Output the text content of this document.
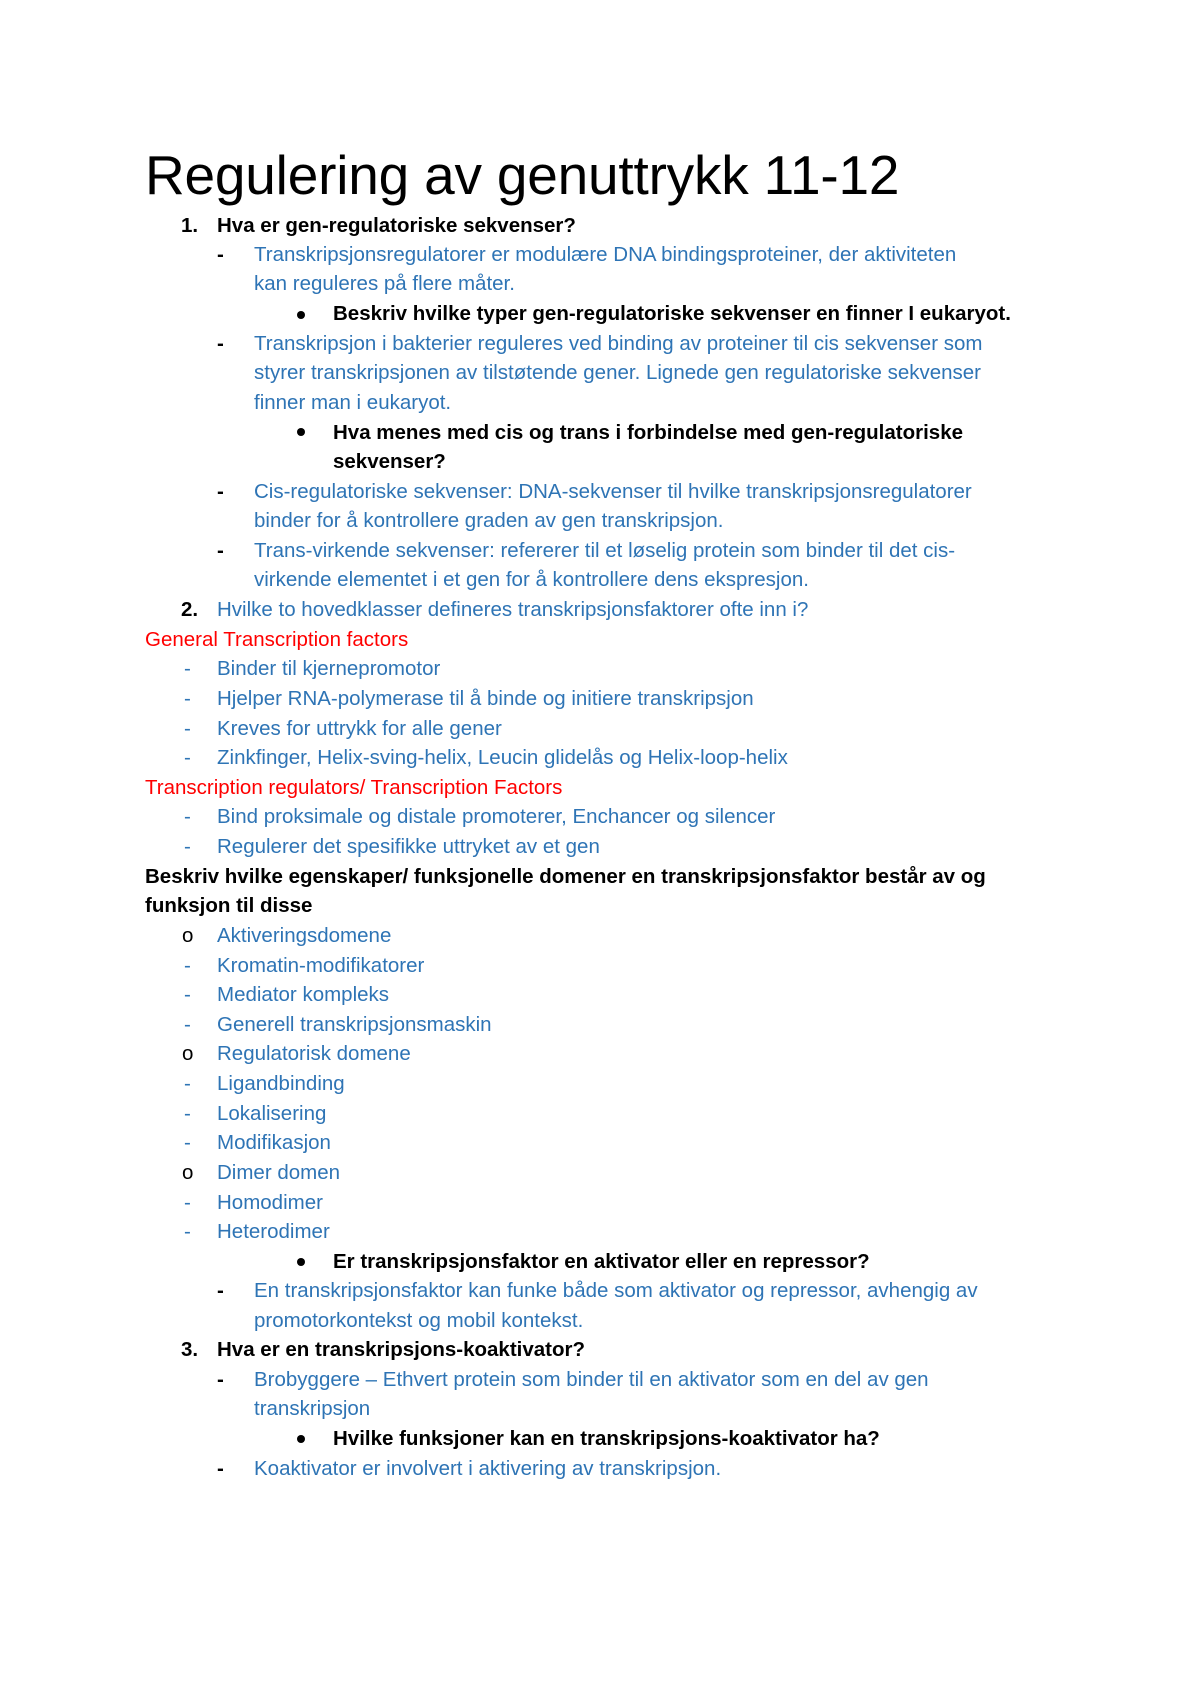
Regulering av genuttrykk 11-12
1. Hva er gen-regulatoriske sekvenser?
- Transkripsjonsregulatorer er modulære DNA bindingsproteiner, der aktiviteten
kan reguleres på flere måter.
Beskriv hvilke typer gen-regulatoriske sekvenser en finner I eukaryot.
- Transkripsjon i bakterier reguleres ved binding av proteiner til cis sekvenser som
styrer transkripsjonen av tilstøtende gener. Lignede gen regulatoriske sekvenser
finner man i eukaryot.
Hva menes med cis og trans i forbindelse med gen-regulatoriske
sekvenser?
- Cis-regulatoriske sekvenser: DNA-sekvenser til hvilke transkripsjonsregulatorer
binder for å kontrollere graden av gen transkripsjon.
- Trans-virkende sekvenser: refererer til et løselig protein som binder til det cis-
virkende elementet i et gen for å kontrollere dens ekspresjon.
2. Hvilke to hovedklasser defineres transkripsjonsfaktorer ofte inn i?
General Transcription factors
- Binder til kjernepromotor
- Hjelper RNA-polymerase til å binde og initiere transkripsjon
- Kreves for uttrykk for alle gener
- Zinkfinger, Helix-sving-helix, Leucin glidelås og Helix-loop-helix
Transcription regulators/ Transcription Factors
- Bind proksimale og distale promoterer, Enchancer og silencer
- Regulerer det spesifikke uttryket av et gen
Beskriv hvilke egenskaper/ funksjonelle domener en transkripsjonsfaktor består av og
funksjon til disse
o Aktiveringsdomene
- Kromatin-modifikatorer
- Mediator kompleks
- Generell transkripsjonsmaskin
o Regulatorisk domene
- Ligandbinding
- Lokalisering
- Modifikasjon
o Dimer domen
- Homodimer
- Heterodimer
Er transkripsjonsfaktor en aktivator eller en repressor?
- En transkripsjonsfaktor kan funke både som aktivator og repressor, avhengig av
promotorkontekst og mobil kontekst.
3. Hva er en transkripsjons-koaktivator?
- Brobyggere – Ethvert protein som binder til en aktivator som en del av gen
transkripsjon
Hvilke funksjoner kan en transkripsjons-koaktivator ha?
- Koaktivator er involvert i aktivering av transkripsjon.
